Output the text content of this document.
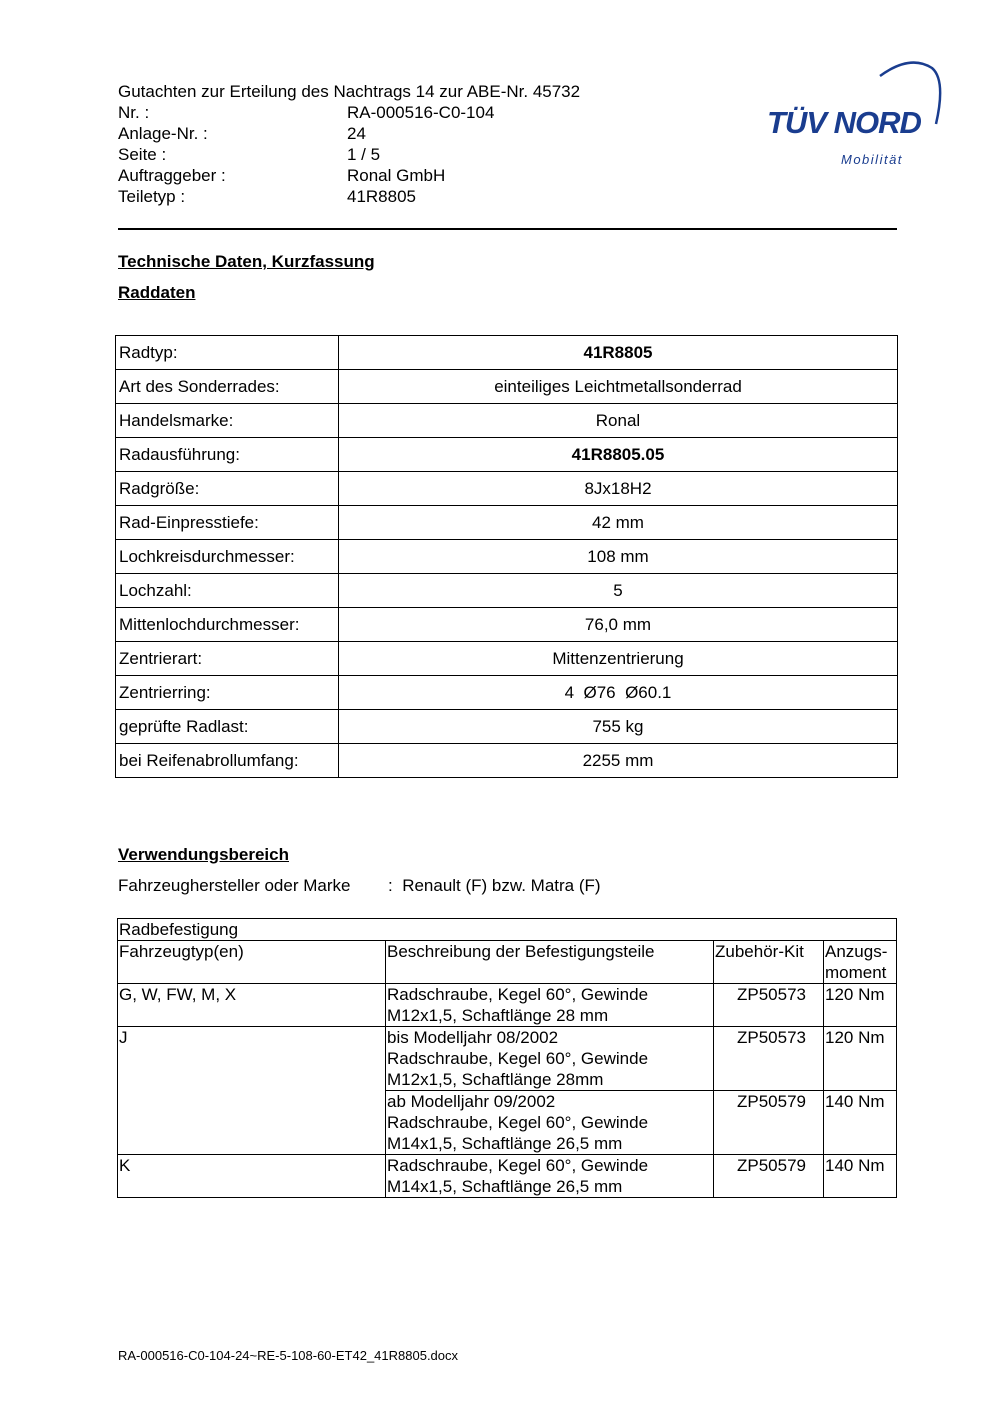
Gutachten zur Erteilung des Nachtrags 14 zur ABE-Nr. 45732
Nr. :	RA-000516-C0-104
Anlage-Nr. :	24
Seite :	1 / 5
Auftraggeber :	Ronal GmbH
Teiletyp :	41R8805
TÜV NORD
Mobilität
Technische Daten, Kurzfassung
Raddaten
Radtyp:	41R8805
Art des Sonderrades:	einteiliges Leichtmetallsonderrad
Handelsmarke:	Ronal
Radausführung:	41R8805.05
Radgröße:	8Jx18H2
Rad-Einpresstiefe:	42 mm
Lochkreisdurchmesser:	108 mm
Lochzahl:	5
Mittenlochdurchmesser:	76,0 mm
Zentrierart:	Mittenzentrierung
Zentrierring:	4  Ø76  Ø60.1
geprüfte Radlast:	755 kg
bei Reifenabrollumfang:	2255 mm
Verwendungsbereich
Fahrzeughersteller oder Marke : Renault (F) bzw. Matra (F)
Radbefestigung			
Fahrzeugtyp(en)	Beschreibung der Befestigungsteile	Zubehör-Kit	Anzugs-
moment

G, W, FW, M, X	Radschraube, Kegel 60°, Gewinde
M12x1,5, Schaftlänge 28 mm	ZP50573	120 Nm
J	bis Modelljahr 08/2002
Radschraube, Kegel 60°, Gewinde
M12x1,5, Schaftlänge 28mm	ZP50573	120 Nm

	ab Modelljahr 09/2002
Radschraube, Kegel 60°, Gewinde
M14x1,5, Schaftlänge 26,5 mm	ZP50579	140 Nm
K	Radschraube, Kegel 60°, Gewinde
M14x1,5, Schaftlänge 26,5 mm	ZP50579	140 Nm
RA-000516-C0-104-24~RE-5-108-60-ET42_41R8805.docx
